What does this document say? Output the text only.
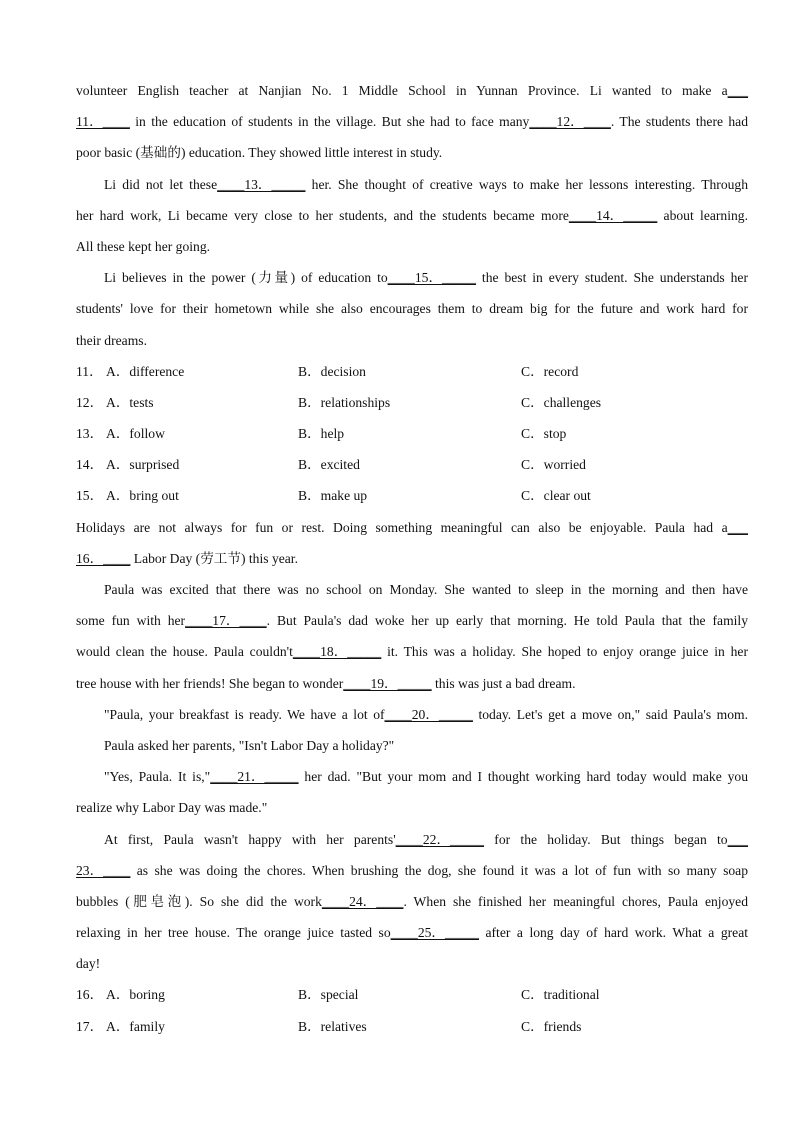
volunteer English teacher at Nanjian No. 1 Middle School in Yunnan Province. Li wanted to make a___
11．____ in the education of students in the village. But she had to face many____12．____. The students there had
poor basic (基础的) education. They showed little interest in study.
Li did not let these____13．_____ her. She thought of creative ways to make her lessons interesting. Through
her hard work, Li became very close to her students, and the students became more____14．_____ about learning.
All these kept her going.
Li believes in the power (力量) of education to____15．_____ the best in every student. She understands her
students' love for their hometown while she also encourages them to dream big for the future and work hard for
their dreams.
11． A．difference	B．decision	C．record
12． A．tests	B．relationships	C．challenges
13． A．follow	B．help	C．stop
14． A．surprised	B．excited	C．worried
15． A．bring out	B．make up	C．clear out
Holidays are not always for fun or rest. Doing something meaningful can also be enjoyable. Paula had a___
16．____ Labor Day (劳工节) this year.
Paula was excited that there was no school on Monday. She wanted to sleep in the morning and then have
some fun with her____17．____. But Paula's dad woke her up early that morning. He told Paula that the family
would clean the house. Paula couldn't____18．_____ it. This was a holiday. She hoped to enjoy orange juice in her
tree house with her friends! She began to wonder____19．_____ this was just a bad dream.
"Paula, your breakfast is ready. We have a lot of____20．_____ today. Let's get a move on," said Paula's mom.
Paula asked her parents, "Isn't Labor Day a holiday?"
"Yes, Paula. It is,"____21．_____ her dad. "But your mom and I thought working hard today would make you
realize why Labor Day was made."
At first, Paula wasn't happy with her parents'____22．_____ for the holiday. But things began to___
23．____ as she was doing the chores. When brushing the dog, she found it was a lot of fun with so many soap
bubbles (肥皂泡). So she did the work____24．____. When she finished her meaningful chores, Paula enjoyed
relaxing in her tree house. The orange juice tasted so____25．_____ after a long day of hard work. What a great
day!
16． A．boring	B．special	C．traditional
17． A．family	B．relatives	C．friends
